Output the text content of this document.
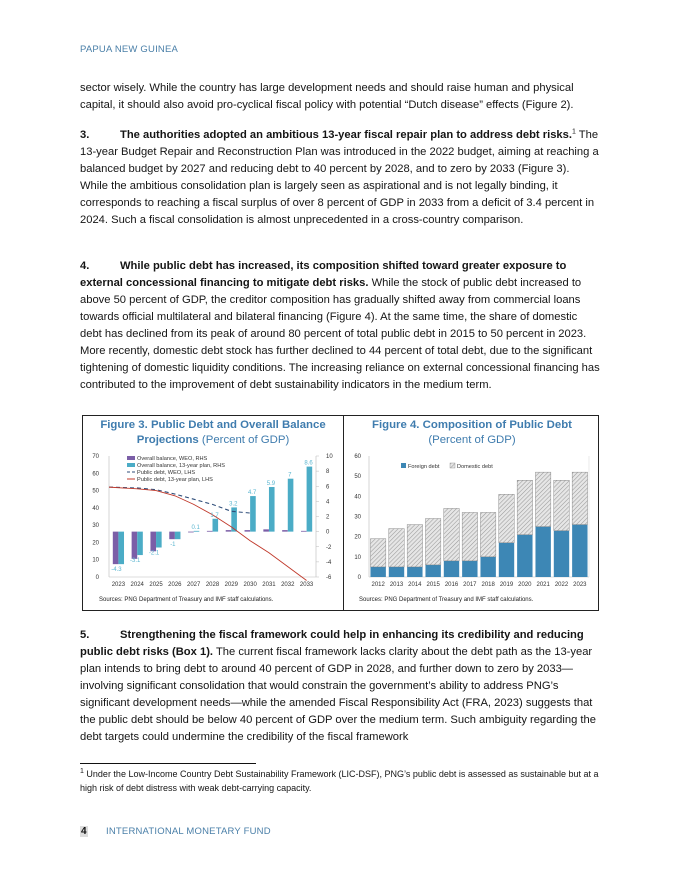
PAPUA NEW GUINEA

sector wisely. While the country has large development needs and should raise human and physical capital, it should also avoid pro-cyclical fiscal policy with potential “Dutch disease” effects (Figure 2).

3.	The authorities adopted an ambitious 13-year fiscal repair plan to address debt risks.$^1$ The 13-year Budget Repair and Reconstruction Plan was introduced in the 2022 budget, aiming at reaching a balanced budget by 2027 and reducing debt to 40 percent by 2028, and to zero by 2033 (Figure 3). While the ambitious consolidation plan is largely seen as aspirational and is not legally binding, it corresponds to reaching a fiscal surplus of over 8 percent of GDP in 2033 from a deficit of 3.4 percent in 2024. Such a fiscal consolidation is almost unprecedented in a cross-country comparison.

4.	While public debt has increased, its composition shifted toward greater exposure to external concessional financing to mitigate debt risks. While the stock of public debt increased to above 50 percent of GDP, the creditor composition has gradually shifted away from commercial loans towards official multilateral and bilateral financing (Figure 4). At the same time, the share of domestic debt has declined from its peak of around 80 percent of total public debt in 2015 to 50 percent in 2023. More recently, domestic debt stock has further declined to 44 percent of total debt, due to the significant tightening of domestic liquidity conditions. The increasing reliance on external concessional financing has contributed to the improvement of debt sustainability indicators in the medium term.

Figure 3. Public Debt and Overall Balance Projections (Percent of GDP)
0
10
20
30
40
50
60
70
-6
-4
-2
0
2
4
6
8
10
2023 2024 2025 2026 2027 2028 2029 2030 2031 2032 2033
Overall balance, WEO, RHS
Overall balance, 13-year plan, RHS
Public debt, WEO, LHS
Public debt, 13-year plan, LHS
-4.3
-3.1
-2.1
-1
0.1
1.7
3.2
4.7
5.9
7
8.6
Sources: PNG Department of Treasury and IMF staff calculations.
Figure 4. Composition of Public Debt
(Percent of GDP)
0
10
20
30
40
50
60
2012 2013 2014 2015 2016 2017 2018 2019 2020 2021 2022 2023
Foreign debt	Domestic debt
Sources: PNG Department of Treasury and IMF staff calculations.

5.	Strengthening the fiscal framework could help in enhancing its credibility and reducing public debt risks (Box 1). The current fiscal framework lacks clarity about the debt path as the 13-year plan intends to bring debt to around 40 percent of GDP in 2028, and further down to zero by 2033—involving significant consolidation that would constrain the government’s ability to address PNG’s significant development needs—while the amended Fiscal Responsibility Act (FRA, 2023) suggests that the public debt should be below 40 percent of GDP over the medium term. Such ambiguity regarding the debt targets could undermine the credibility of the fiscal framework

$^1$ Under the Low-Income Country Debt Sustainability Framework (LIC-DSF), PNG’s public debt is assessed as sustainable but at a high risk of debt distress with weak debt-carrying capacity.

4 INTERNATIONAL MONETARY FUND
